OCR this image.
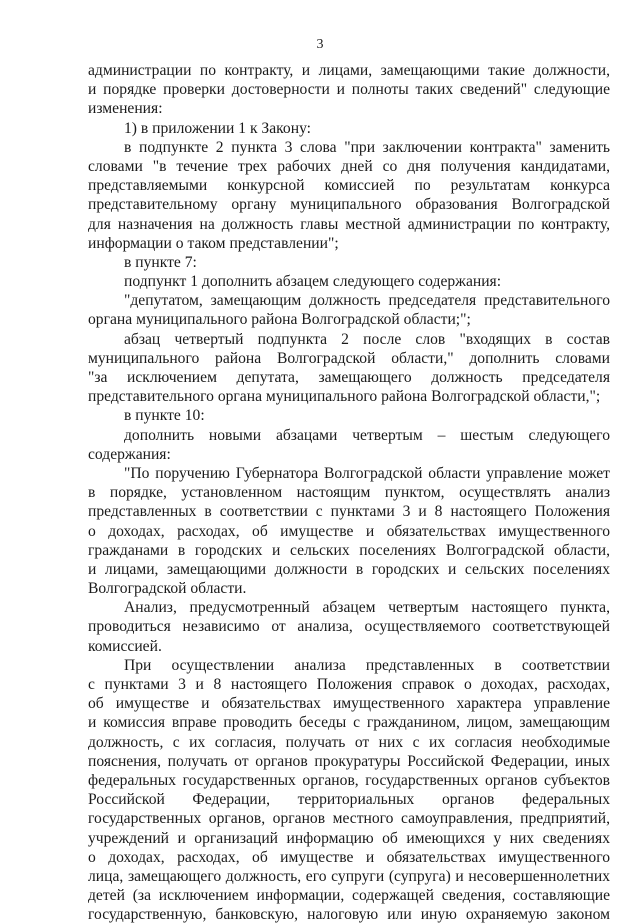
3
администрации по контракту, и лицами, замещающими такие должности,
и порядке проверки достоверности и полноты таких сведений" следующие
изменения:
1) в приложении 1 к Закону:
в подпункте 2 пункта 3 слова "при заключении контракта" заменить
словами "в течение трех рабочих дней со дня получения кандидатами,
представляемыми конкурсной комиссией по результатам конкурса
представительному органу муниципального образования Волгоградской
для назначения на должность главы местной администрации по контракту,
информации о таком представлении";
в пункте 7:
подпункт 1 дополнить абзацем следующего содержания:
"депутатом, замещающим должность председателя представительного
органа муниципального района Волгоградской области;";
абзац четвертый подпункта 2 после слов "входящих в состав
муниципального района Волгоградской области," дополнить словами
"за исключением депутата, замещающего должность председателя
представительного органа муниципального района Волгоградской области,";
в пункте 10:
дополнить новыми абзацами четвертым – шестым следующего
содержания:
"По поручению Губернатора Волгоградской области управление может
в порядке, установленном настоящим пунктом, осуществлять анализ
представленных в соответствии с пунктами 3 и 8 настоящего Положения
о доходах, расходах, об имуществе и обязательствах имущественного
гражданами в городских и сельских поселениях Волгоградской области,
и лицами, замещающими должности в городских и сельских поселениях
Волгоградской области.
Анализ, предусмотренный абзацем четвертым настоящего пункта,
проводиться независимо от анализа, осуществляемого соответствующей
комиссией.
При осуществлении анализа представленных в соответствии
с пунктами 3 и 8 настоящего Положения справок о доходах, расходах,
об имуществе и обязательствах имущественного характера управление
и комиссия вправе проводить беседы с гражданином, лицом, замещающим
должность, с их согласия, получать от них с их согласия необходимые
пояснения, получать от органов прокуратуры Российской Федерации, иных
федеральных государственных органов, государственных органов субъектов
Российской Федерации, территориальных органов федеральных
государственных органов, органов местного самоуправления, предприятий,
учреждений и организаций информацию об имеющихся у них сведениях
о доходах, расходах, об имуществе и обязательствах имущественного
лица, замещающего должность, его супруги (супруга) и несовершеннолетних
детей (за исключением информации, содержащей сведения, составляющие
государственную, банковскую, налоговую или иную охраняемую законом
